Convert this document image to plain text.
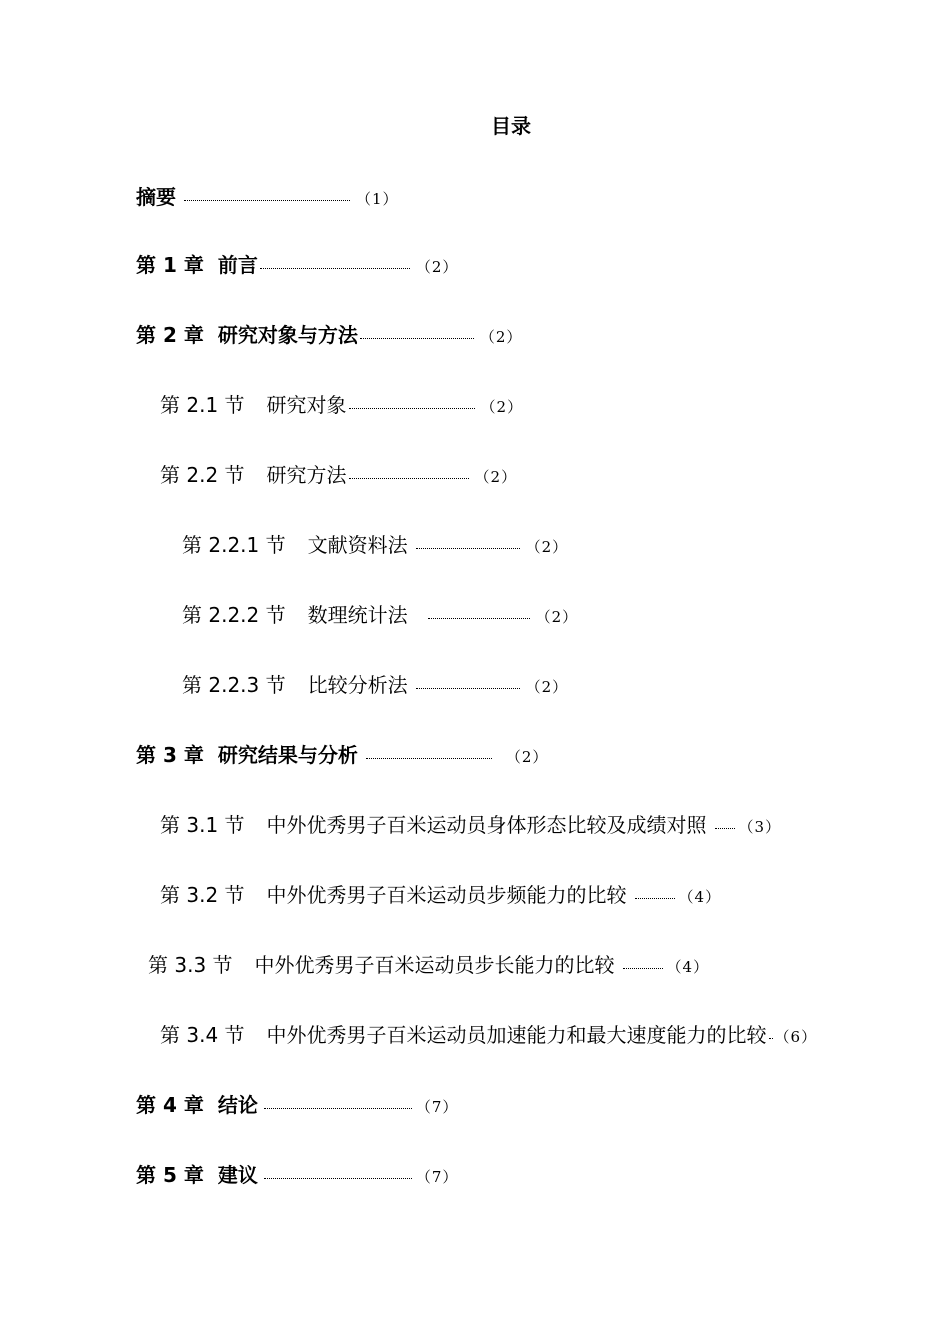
目录
摘要	（1）
第 1 章 前言	（2）
第 2 章 研究对象与方法	（2）
第 2.1 节 研究对象	（2）
第 2.2 节 研究方法	（2）
第 2.2.1 节 文献资料法	（2）
第 2.2.2 节 数理统计法	（2）
第 2.2.3 节 比较分析法	（2）
第 3 章 研究结果与分析	（2）
第 3.1 节 中外优秀男子百米运动员身体形态比较及成绩对照 （3）
第 3.2 节 中外优秀男子百米运动员步频能力的比较	（4）
第 3.3 节 中外优秀男子百米运动员步长能力的比较	（4）
第 3.4 节 中外优秀男子百米运动员加速能力和最大速度能力的比较 （6）
第 4 章 结论	（7）
第 5 章 建议	（7）
